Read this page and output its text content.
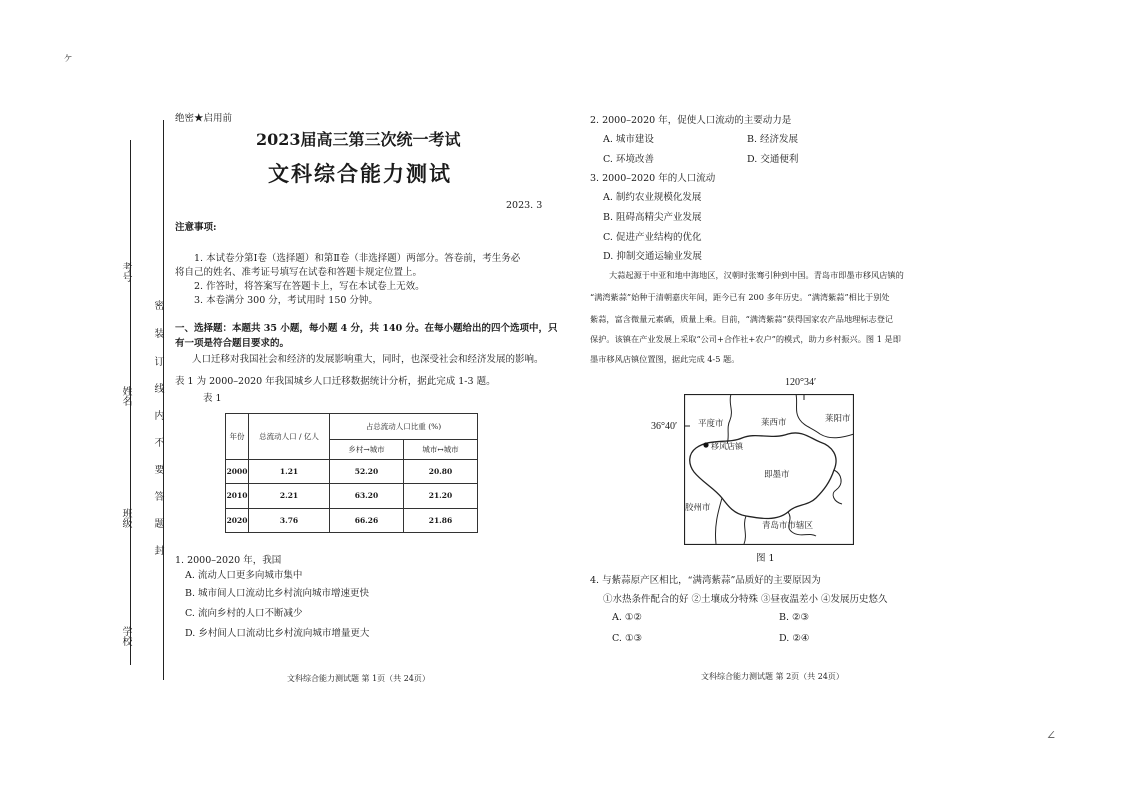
ヶ
∠
考号
姓名
班级
学校
装
订
线
内
不
要
答
题
密
封
绝密★启用前
2023届高三第三次统一考试
文科综合能力测试
2023. 3
注意事项:
1. 本试卷分第Ⅰ卷（选择题）和第Ⅱ卷（非选择题）两部分。答卷前，考生务必
将自己的姓名、准考证号填写在试卷和答题卡规定位置上。
2. 作答时，将答案写在答题卡上，写在本试卷上无效。
3. 本卷满分 300 分，考试用时 150 分钟。
一、选择题：本题共 35 小题，每小题 4 分，共 140 分。在每小题给出的四个选项中，只
有一项是符合题目要求的。
人口迁移对我国社会和经济的发展影响重大，同时，也深受社会和经济发展的影响。
表 1 为 2000–2020 年我国城乡人口迁移数据统计分析，据此完成 1-3 题。
表 1
年份	总流动人口 / 亿人	占总流动人口比重 (%)	
		乡村→城市	城市↔城市
2000	1.21	52.20	20.80
2010	2.21	63.20	21.20
2020	3.76	66.26	21.86
1. 2000–2020 年，我国
A. 流动人口更多向城市集中
B. 城市间人口流动比乡村流向城市增速更快
C. 流向乡村的人口不断减少
D. 乡村间人口流动比乡村流向城市增量更大
文科综合能力测试题 第 1页（共 24页）
2. 2000–2020 年，促使人口流动的主要动力是
A. 城市建设	B. 经济发展
C. 环境改善	D. 交通便利
3. 2000–2020 年的人口流动
A. 制约农业规模化发展
B. 阻碍高精尖产业发展
C. 促进产业结构的优化
D. 抑制交通运输业发展
大蒜起源于中亚和地中海地区，汉朝时张骞引种到中国。青岛市即墨市移风店镇的
“满湾紫蒜”始种于清朝嘉庆年间，距今已有 200 多年历史。“满湾紫蒜”相比于别处
紫蒜，富含微量元素硒，质量上乘。目前，“满湾紫蒜”获得国家农产品地理标志登记
保护。该镇在产业发展上采取“公司+合作社+农户”的模式，助力乡村振兴。图 1 是即
墨市移风店镇位置图，据此完成 4-5 题。
120°34′
36°40′ 平度市	莱西市	莱阳市
移风店镇
即墨市
胶州市
青岛市市辖区
图 1
4. 与紫蒜原产区相比，“满湾紫蒜”品质好的主要原因为
①水热条件配合的好 ②土壤成分特殊 ③昼夜温差小 ④发展历史悠久
A. ①②	B. ②③
C. ①③	D. ②④
文科综合能力测试题 第 2页（共 24页）
